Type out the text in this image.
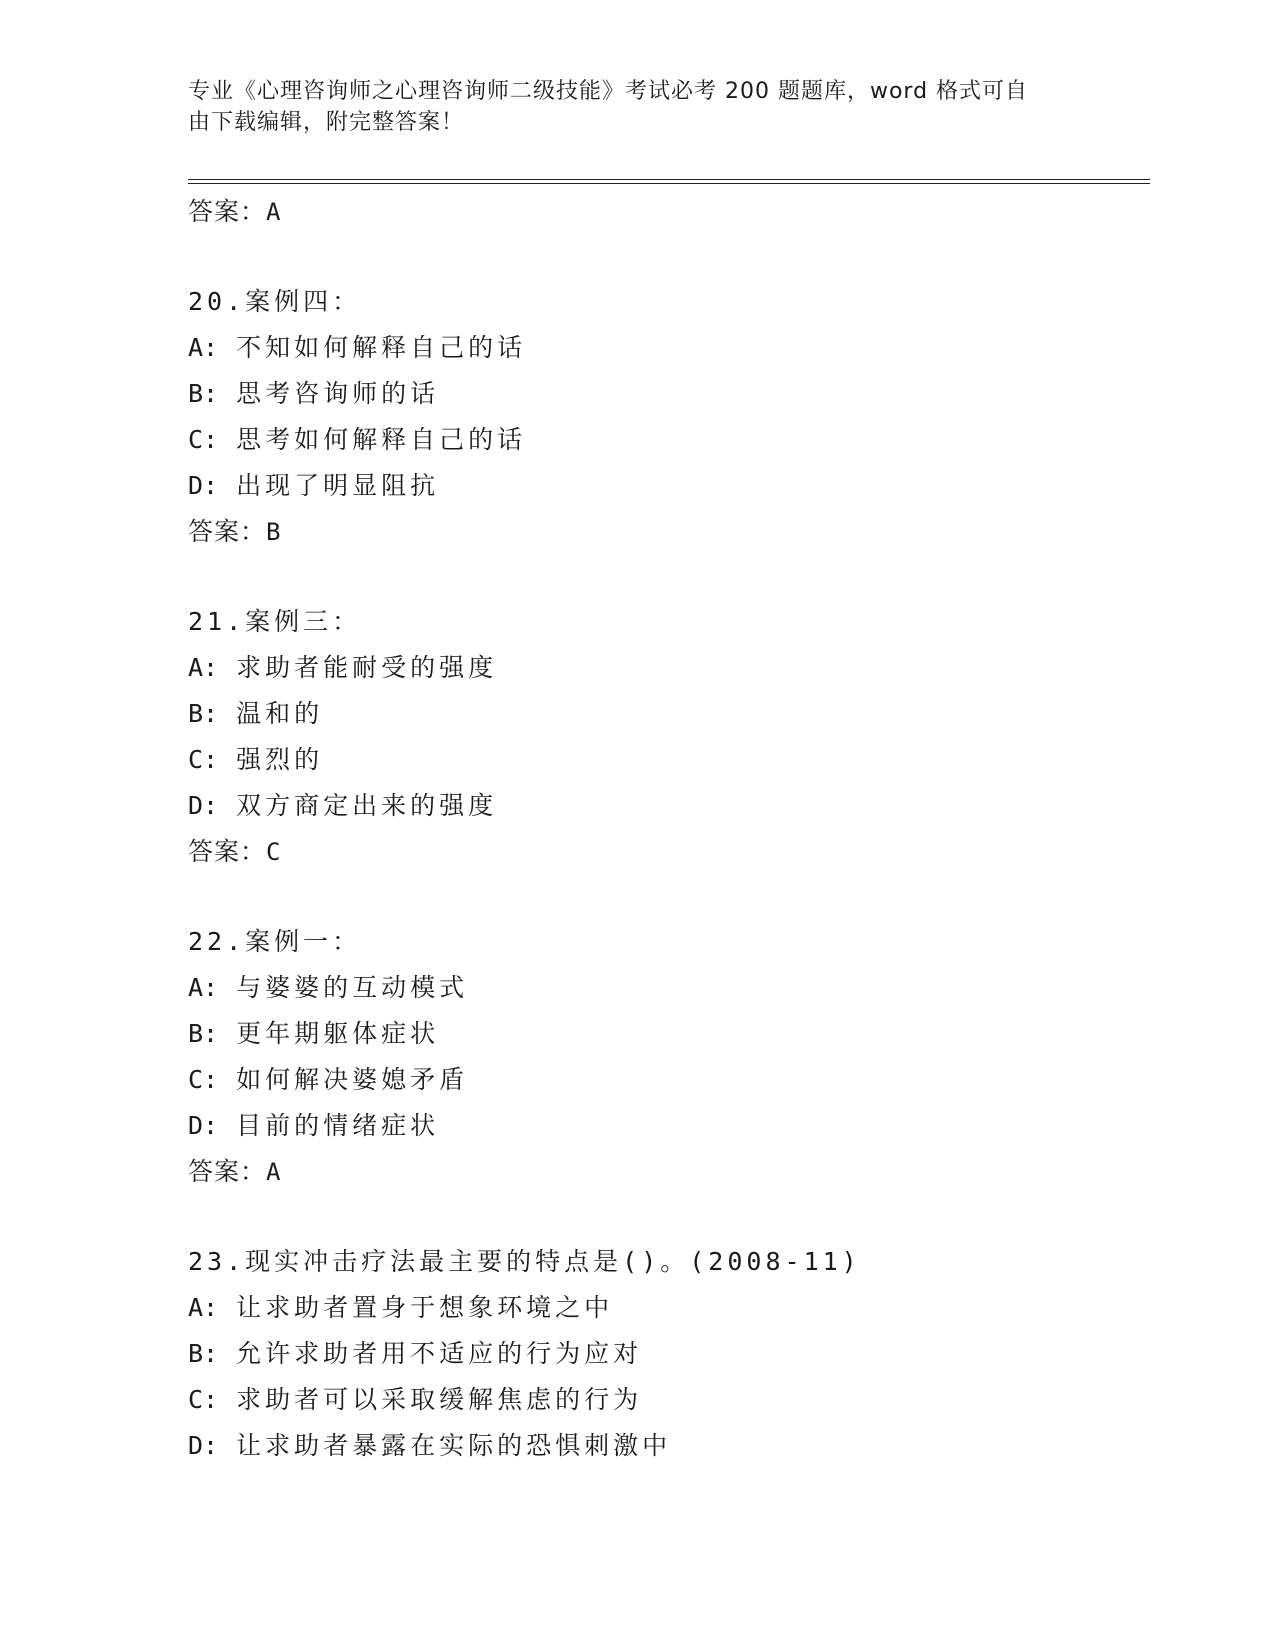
专业《心理咨询师之心理咨询师二级技能》考试必考 200 题题库，word 格式可自
由下载编辑，附完整答案！
答案：A
20.案例四：
A: 不知如何解释自己的话
B: 思考咨询师的话
C: 思考如何解释自己的话
D: 出现了明显阻抗
答案：B
21.案例三：
A: 求助者能耐受的强度
B: 温和的
C: 强烈的
D: 双方商定出来的强度
答案：C
22.案例一：
A: 与婆婆的互动模式
B: 更年期躯体症状
C: 如何解决婆媳矛盾
D: 目前的情绪症状
答案：A
23.现实冲击疗法最主要的特点是()。(2008-11)
A: 让求助者置身于想象环境之中
B: 允许求助者用不适应的行为应对
C: 求助者可以采取缓解焦虑的行为
D: 让求助者暴露在实际的恐惧刺激中
